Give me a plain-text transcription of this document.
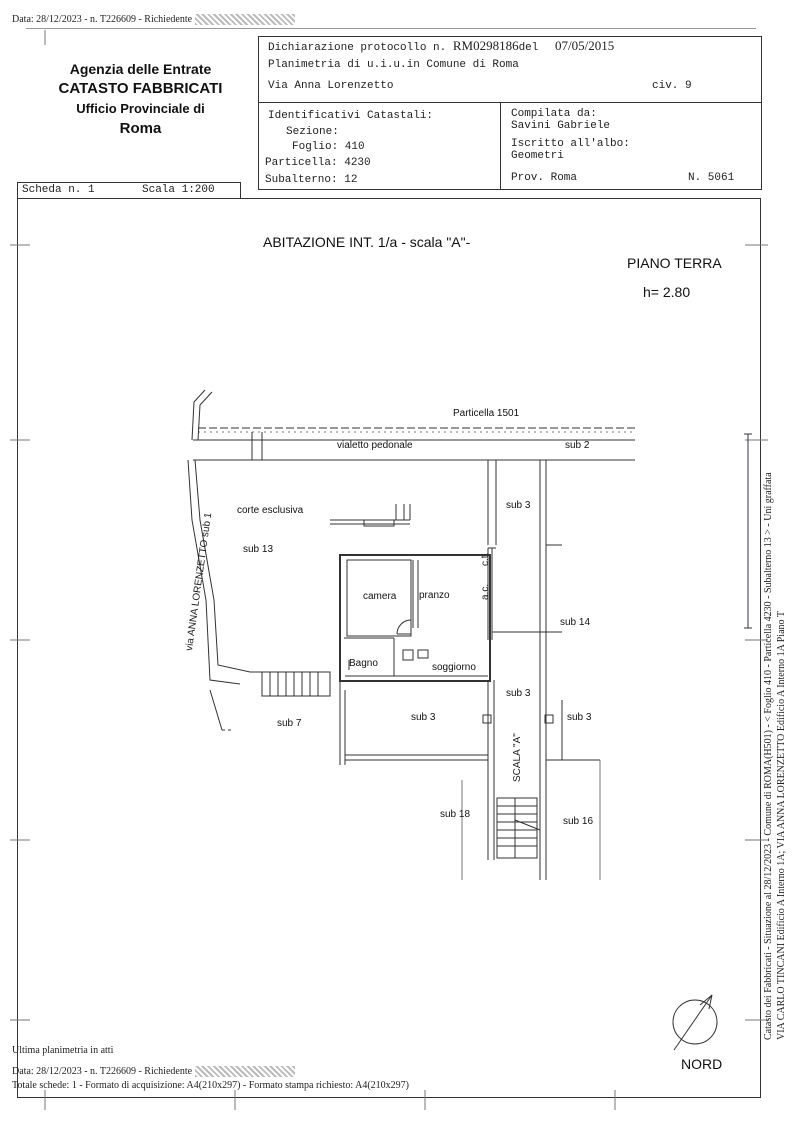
Data: 28/12/2023 - n. T226609 - Richiedente
Agenzia delle Entrate
CATASTO FABBRICATI
Ufficio Provinciale di
Roma
Dichiarazione protocollo n. RM0298186del 07/05/2015
Planimetria di u.i.u.in Comune di Roma
Via Anna Lorenzetto	civ. 9
Identificativi Catastali:
Sezione:
Foglio: 410
Particella: 4230
Subalterno: 12
Compilata da:
Savini Gabriele
Iscritto all'albo:
Geometri
Prov. Roma	N. 5061
Scheda n. 1	Scala 1:200
ABITAZIONE INT. 1/a - scala "A"-
PIANO TERRA
h= 2.80
Particella 1501
vialetto pedonale	sub 2
corte esclusiva
sub 13
sub 3
sub 14
camera pranzo
Bagno	soggiorno
sub 3
sub 3	sub 3
sub 7
sub 18
sub 16
a.c.
c.t.
SCALA "A"
via ANNA LORENZETTO sub 1
NORD
Catasto dei Fabbricati - Situazione al 28/12/2023 - Comune di ROMA(H501) - < Foglio 410 - Particella 4230 - Subalterno 13 > - Uni graffata VIA CARLO TINCANI Edificio A Interno 1A; VIA ANNA LORENZETTO Edificio A Interno 1A Piano T
Ultima planimetria in atti
Data: 28/12/2023 - n. T226609 - Richiedente
Totale schede: 1 - Formato di acquisizione: A4(210x297) - Formato stampa richiesto: A4(210x297)
